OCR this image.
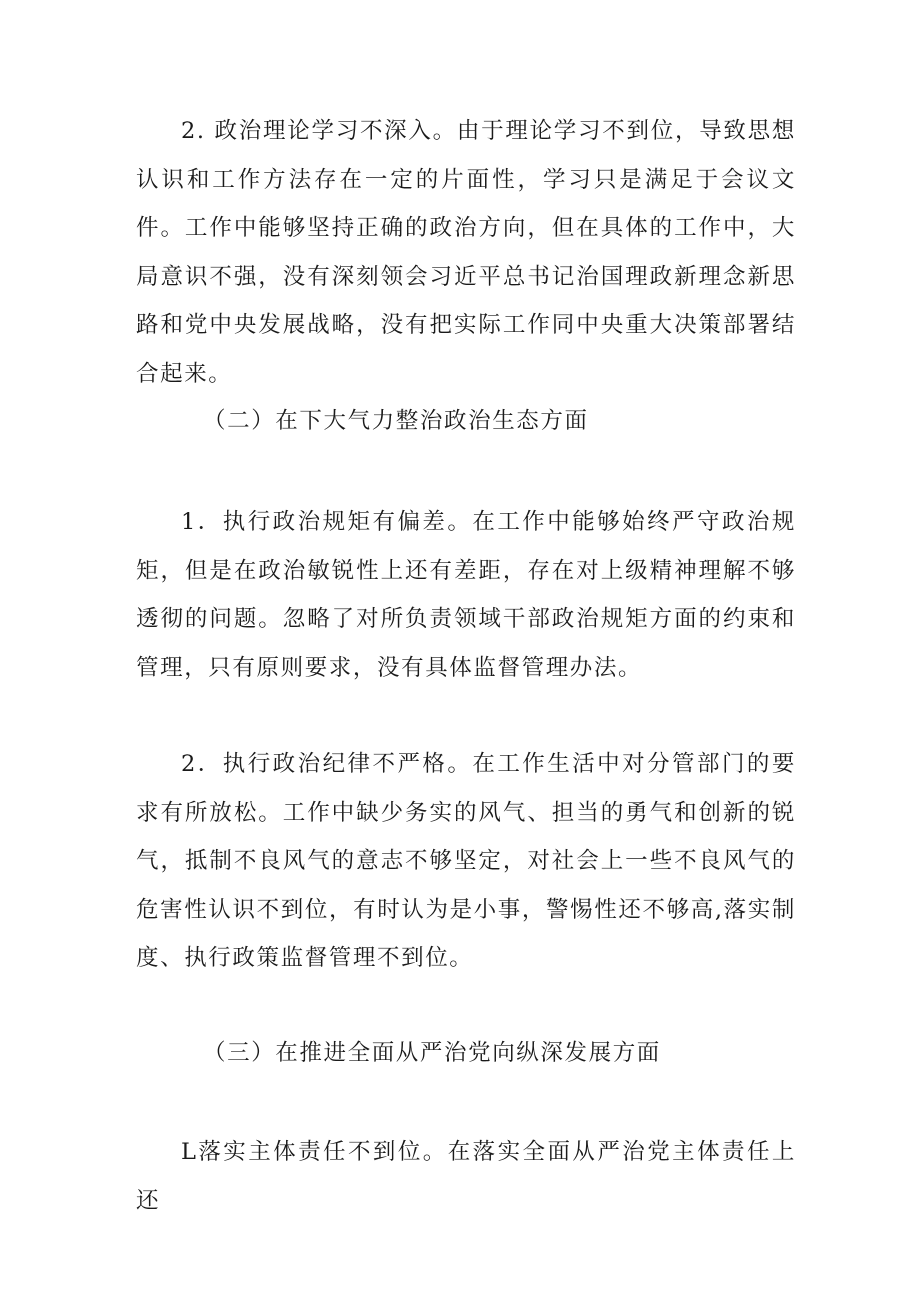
2. 政治理论学习不深入。由于理论学习不到位，导致思想认识和工作方法存在一定的片面性，学习只是满足于会议文件。工作中能够坚持正确的政治方向，但在具体的工作中，大局意识不强，没有深刻领会习近平总书记治国理政新理念新思路和党中央发展战略，没有把实际工作同中央重大决策部署结合起来。

（二）在下大气力整治政治生态方面

1．执行政治规矩有偏差。在工作中能够始终严守政治规矩，但是在政治敏锐性上还有差距，存在对上级精神理解不够透彻的问题。忽略了对所负责领域干部政治规矩方面的约束和管理，只有原则要求，没有具体监督管理办法。

2．执行政治纪律不严格。在工作生活中对分管部门的要求有所放松。工作中缺少务实的风气、担当的勇气和创新的锐气，抵制不良风气的意志不够坚定，对社会上一些不良风气的危害性认识不到位，有时认为是小事，警惕性还不够高,落实制度、执行政策监督管理不到位。

（三）在推进全面从严治党向纵深发展方面

L落实主体责任不到位。在落实全面从严治党主体责任上还
